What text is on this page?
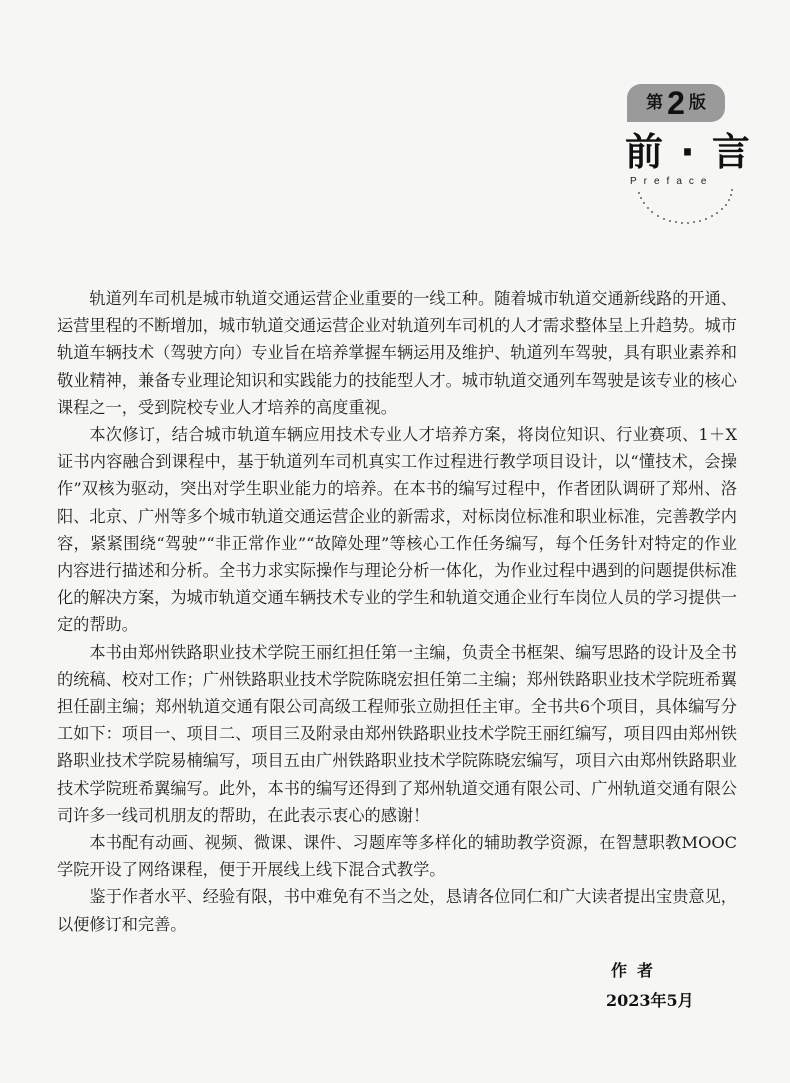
第 2 版
前 · 言
Preface

轨道列车司机是城市轨道交通运营企业重要的一线工种。随着城市轨道交通新线路的开通、运营里程的不断增加，城市轨道交通运营企业对轨道列车司机的人才需求整体呈上升趋势。城市轨道车辆技术（驾驶方向）专业旨在培养掌握车辆运用及维护、轨道列车驾驶，具有职业素养和敬业精神，兼备专业理论知识和实践能力的技能型人才。城市轨道交通列车驾驶是该专业的核心课程之一，受到院校专业人才培养的高度重视。

本次修订，结合城市轨道车辆应用技术专业人才培养方案，将岗位知识、行业赛项、1＋X证书内容融合到课程中，基于轨道列车司机真实工作过程进行教学项目设计，以“懂技术，会操作”双核为驱动，突出对学生职业能力的培养。在本书的编写过程中，作者团队调研了郑州、洛阳、北京、广州等多个城市轨道交通运营企业的新需求，对标岗位标准和职业标准，完善教学内容，紧紧围绕“驾驶”“非正常作业”“故障处理”等核心工作任务编写，每个任务针对特定的作业内容进行描述和分析。全书力求实际操作与理论分析一体化，为作业过程中遇到的问题提供标准化的解决方案，为城市轨道交通车辆技术专业的学生和轨道交通企业行车岗位人员的学习提供一定的帮助。

本书由郑州铁路职业技术学院王丽红担任第一主编，负责全书框架、编写思路的设计及全书的统稿、校对工作；广州铁路职业技术学院陈晓宏担任第二主编；郑州铁路职业技术学院班希翼担任副主编；郑州轨道交通有限公司高级工程师张立勋担任主审。全书共6个项目，具体编写分工如下：项目一、项目二、项目三及附录由郑州铁路职业技术学院王丽红编写，项目四由郑州铁路职业技术学院易楠编写，项目五由广州铁路职业技术学院陈晓宏编写，项目六由郑州铁路职业技术学院班希翼编写。此外，本书的编写还得到了郑州轨道交通有限公司、广州轨道交通有限公司许多一线司机朋友的帮助，在此表示衷心的感谢！

本书配有动画、视频、微课、课件、习题库等多样化的辅助教学资源，在智慧职教MOOC学院开设了网络课程，便于开展线上线下混合式教学。

鉴于作者水平、经验有限，书中难免有不当之处，恳请各位同仁和广大读者提出宝贵意见，以便修订和完善。

作者
2023年5月
